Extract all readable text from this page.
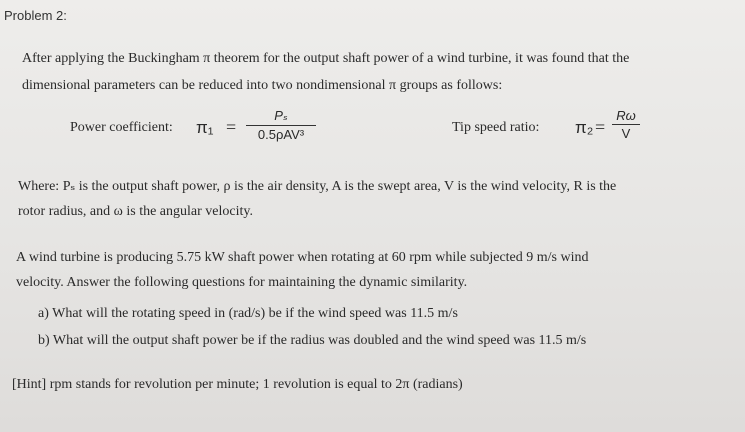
Problem 2:
After applying the Buckingham π theorem for the output shaft power of a wind turbine, it was found that the
dimensional parameters can be reduced into two nondimensional π groups as follows:
Power coefficient: π₁ =
Pₛ
0.5ρAV³	Tip speed ratio: π₂ =
Rω
V
Where: Pₛ is the output shaft power, ρ is the air density, A is the swept area, V is the wind velocity, R is the
rotor radius, and ω is the angular velocity.
A wind turbine is producing 5.75 kW shaft power when rotating at 60 rpm while subjected 9 m/s wind
velocity. Answer the following questions for maintaining the dynamic similarity.
a) What will the rotating speed in (rad/s) be if the wind speed was 11.5 m/s
b) What will the output shaft power be if the radius was doubled and the wind speed was 11.5 m/s
[Hint] rpm stands for revolution per minute; 1 revolution is equal to 2π (radians)
